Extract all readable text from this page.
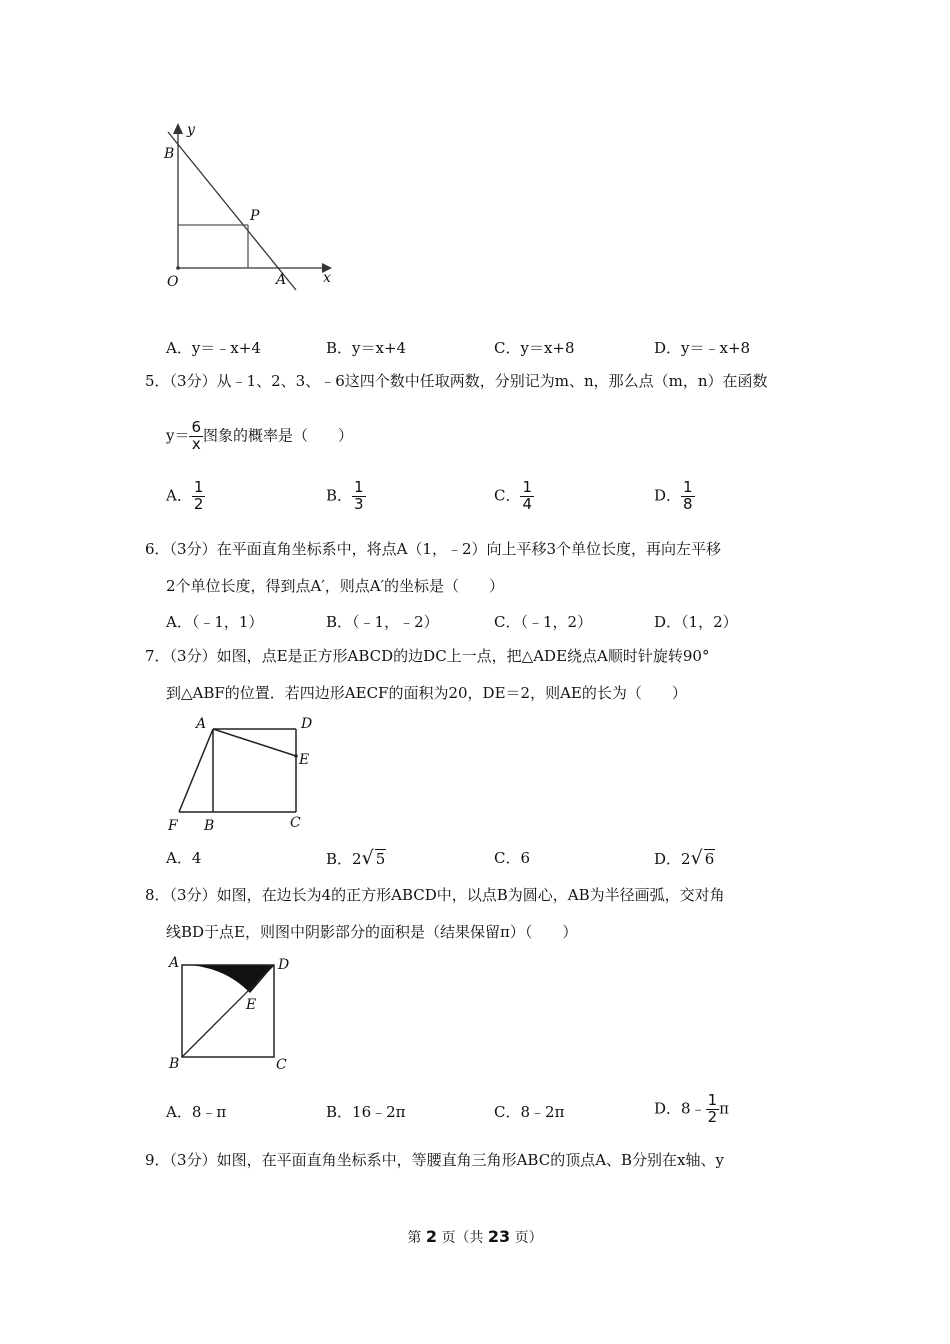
y
x
B
P
O	A
A．y＝﹣x+4	B．y＝x+4	C．y＝x+8	D．y＝﹣x+8
5．（3分）从﹣1、2、3、﹣6这四个数中任取两数，分别记为m、n，那么点（m，n）在函数
$y= \frac{6}{x}$ 图象的概率是（　　）
A． $\frac{1}{2}$	B． $\frac{1}{3}$	C． $\frac{1}{4}$	D． $\frac{1}{8}$
6．（3分）在平面直角坐标系中，将点A（1，﹣2）向上平移3个单位长度，再向左平移
2个单位长度，得到点A′，则点A′的坐标是（　　）
A．（﹣1，1）	B．（﹣1，﹣2）	C．（﹣1，2）	D．（1，2）
7．（3分）如图，点E是正方形ABCD的边DC上一点，把△ADE绕点A顺时针旋转90°
到△ABF的位置．若四边形AECF的面积为20，DE＝2，则AE的长为（　　）
A	D
E
F B	C
A．4	B．2√ 5	C．6	D．2√ 6
8．（3分）如图，在边长为4的正方形ABCD中，以点B为圆心，AB为半径画弧，交对角
线BD于点E，则图中阴影部分的面积是（结果保留π）（　　）
A	D
E
B	C
A．8﹣π	B．16﹣2π	C．8﹣2π	D．8﹣ $\frac{1}{2}$ π
9．（3分）如图，在平面直角坐标系中，等腰直角三角形ABC的顶点A、B分别在x轴、y
第 2 页（共 23 页）
